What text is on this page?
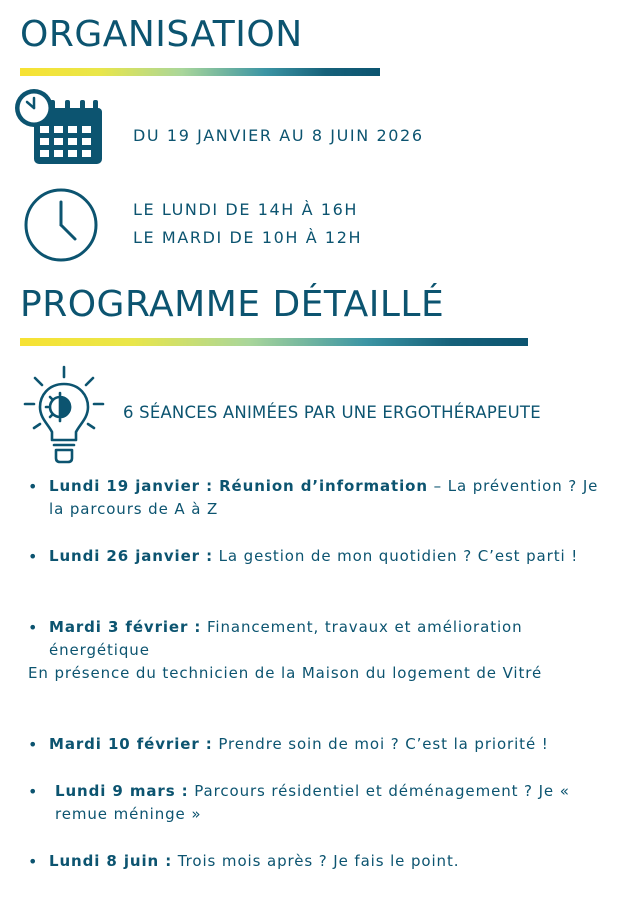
ORGANISATION
DU 19 JANVIER AU 8 JUIN 2026
LE LUNDI DE 14H À 16H
LE MARDI DE 10H À 12H
PROGRAMME DÉTAILLÉ
6 SÉANCES ANIMÉES PAR UNE ERGOTHÉRAPEUTE
• Lundi 19 janvier : Réunion d’information – La prévention ? Je la parcours de A à Z
• Lundi 26 janvier : La gestion de mon quotidien ? C’est parti !
• Mardi 3 février : Financement, travaux et amélioration énergétique
En présence du technicien de la Maison du logement de Vitré
• Mardi 10 février : Prendre soin de moi ? C’est la priorité !
•	Lundi 9 mars : Parcours résidentiel et déménagement ? Je « remue méninge »
• Lundi 8 juin : Trois mois après ? Je fais le point.
